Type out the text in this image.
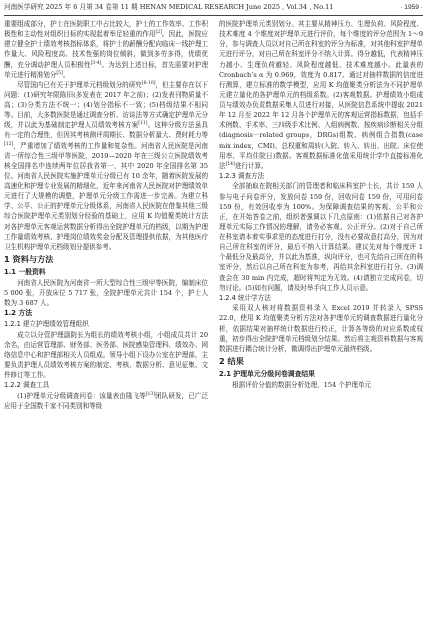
河南医学研究 2025 年 6 月第 34 卷第 11 期 HENAN MEDICAL RESEARCH June 2025 , Vol.34 , No.11	· 1959 ·

重要组成部分，护士在医院职工中占比较大，护士的工作效率、工作积极性和主动性对组织目标的实现起着举足轻重的作用[2]。因此，医院应建立健全护士绩效考核指标体系，将护士的薪酬分配向临床一线护理工作量大、风险程度高、技术性强的岗位倾斜，做到多劳多得，优绩优酬，充分调动护理人员积极性[3-4]。为达到上述目标，首先需要对护理单元进行精准划分[5]。

尽管国内已有关于护理单元档级划分的研究[6-10]，但主要存在以下问题：(1)研究年限陈旧(多发表在 2017 年之前)；(2)发表刊物质量不高；(3)分类方法不统一；(4)划分指标不一致；(5)档级结果不相同等。目前，大多数医院是通过调查分析、访谈法等方式确定护理单元分级，并以此为基础制定护理人员绩效考核方案[11]。这种分级方法虽具有一定的合理性，但因其考核测评周期长、数据分析量大、费时耗力等[12]，严重增加了绩效考核的工作量和复杂性。河南省人民医院是河南省一所综合性三级甲等医院，2019—2020 年在三级公立医院绩效考核全国排名中连续两年位居我省第一，其中 2020 年全国排名第 35 位。河南省人民医院实施护理单元分级已有 10 余年，随着医院发展的高速化和护理专业发展的精细化，近年来河南省人民医院对护理绩效单元进行了大规模的调整，护理单元分级工作需进一步完善。为建立科学、公平、公正的护理单元分级体系，河南省人民医院在借鉴其他三级综合医院护理单元类别划分经验的基础上，应用 K 均值聚类统计方法对各护理单元客观运营数据分析得出全院护理单元的档级，以期为护理工作量绩效考核、护理岗位绩效奖金分配及管理提供依据，为其他医疗卫生机构护理单元档级划分提供参考。

1 资料与方法
1.1 一般资料

河南省人民医院为河南省一所大型综合性三级甲等医院，编制床位 5 000 张，开放床位 5 717 张，全院护理单元共计 154 个，护士人数为 3 687 人。

1.2 方法
1.2.1 建立护理绩效管理组织

成立以分管护理副院长为组长的绩效考核小组，小组成员共计 20 余名，由运营管理部、财务部、医务部、医院感染管理科、绩效办、网络信息中心和护理部相关人员组成。领导小组下设办公室在护理部，主要负责护理人员绩效考核方案的制定、考核、数据分析、意见征集、文件修订等工作。

1.2.2 调查工具

(1)护理单元分级调查问卷：该量表由隆飞等[13]团队研发，已广泛应用于全国数千家不同类别和等级

的医院护理单元类别划分。其主要从精神压力、生理负荷、风险程度、技术难度 4 个维度对护理单元进行评价，每个维度的评分范围为 1～9 分，参与调查人员以对自己所在科室的评分为标准，对其他科室护理单元进行评分，对自己所在科室评分不纳入计算。得分越低，代表精神压力越小、生理负荷越轻、风险程度越低、技术难度越小。此量表的 Cronbach’s α 为 0.969，效度为 0.817。通过对抽样数据的信度进行测算，建立标准的数学模型，应用 K 均值聚类分析法为不同护理单元建立量化的各护理单元的档级系数。(2)客观数据。护理绩效小组成员与绩效办负责数据采集人员进行对接，从医院信息系统中提取 2021 年 12 月至 2022 年 12 月各个护理单元的客观运营指标数据，包括手术例数、手术率、三四级手术比例、入组病例数、按疾病诊断相关分组(diagnosis－related groups，DRGs)组数、病例组合指数(case mix index，CMI)、总权重和周转(入院、转入、转出、出院、床位使用率、平均住院日)数据。客观数据标准化值采用统计学中直接标准化法[14]进行计算。

1.2.3 调查方法

全部抽取在院相关部门的管理者和临床科室护士长，共计 159 人参与电子问卷评分，发放问卷 159 份，回收问卷 159 份，可用问卷 159 份，有效回收率为 100%。为保障调查结果的客观、公平和公正，在开始答卷之前，组织者强调以下几点原则：(1)依据自己对各护理单元实际工作情况的理解，请务必客观、公正评分。(2)对于自己所在科室请本着实事求是的态度进行打分，没有必要故意打高分，因为对自己所在科室的评分，最后不纳入计算结果。建议先对每个维度评 1 个最低分及最高分，并以此为基准，纵向评分，也可先给自己所在的科室评分，然后以自己所在科室为参考，再给其余科室进行打分。(3)调查会在 30 min 内完成，超时将判定为无效。(4)请独立完成问卷，切勿讨论。(5)如有问题，请及时举手向工作人员示意。

1.2.4 统计学方法

采用双人核对将数据资料录入 Excel 2019 并转录入 SPSS 22.0，使用 K 均值聚类分析方法对各护理单元的调查数据进行量化分析，依据结果对抽样统计数据进行校正，计算各等级的对应系数或权重，初步得出全院护理单元档级划分结果。然后将主观资料数据与客观数据进行耦合统计分析，微调得出护理单元最终档级。

2 结果
2.1 护理单元分级问卷调查结果

根据评价分值的数据分析处理，154 个护理单元
